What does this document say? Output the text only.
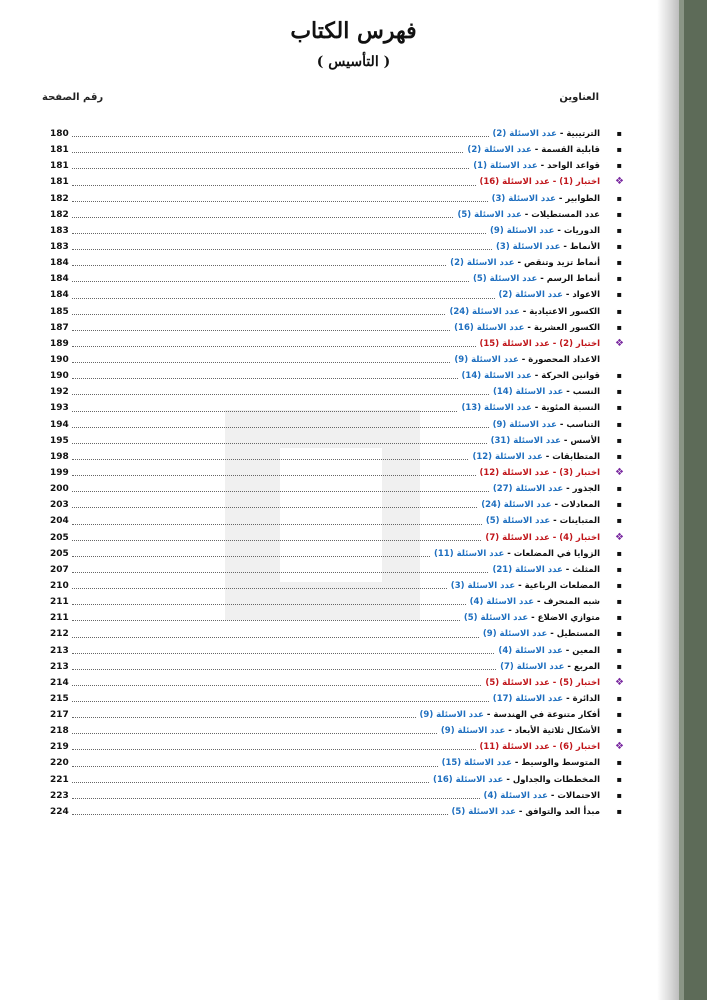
فهرس الكتاب
( التأسيس )
العناوين
رقم الصفحة
▪
الترتيبية - عدد الاسئلة (2)
180
▪
قابلية القسمة - عدد الاسئلة (2)
181
▪
قواعد الواحد - عدد الاسئلة (1)
181
❖
اختبار (1) - عدد الاسئلة (16)
181
▪
الطوابير - عدد الاسئلة (3)
182
▪
عدد المستطيلات - عدد الاسئلة (5)
182
▪
الدوريات - عدد الاسئلة (9)
183
▪
الأنماط - عدد الاسئلة (3)
183
▪
أنماط تزيد وتنقص - عدد الاسئلة (2)
184
▪
أنماط الرسم - عدد الاسئلة (5)
184
▪
الاعواد - عدد الاسئلة (2)
184
▪
الكسور الاعتيادية - عدد الاسئلة (24)
185
▪
الكسور العشرية - عدد الاسئلة (16)
187
❖
اختبار (2) - عدد الاسئلة (15)
189
الاعداد المحصورة - عدد الاسئلة (9)
190
▪
قوانين الحركة - عدد الاسئلة (14)
190
▪
النسب - عدد الاسئلة (14)
192
▪
النسبة المئوية - عدد الاسئلة (13)
193
▪
التناسب - عدد الاسئلة (9)
194
▪
الأسس - عدد الاسئلة (31)
195
▪
المتطابقات - عدد الاسئلة (12)
198
❖
اختبار (3) - عدد الاسئلة (12)
199
▪
الجذور - عدد الاسئلة (27)
200
▪
المعادلات - عدد الاسئلة (24)
203
▪
المتباينات - عدد الاسئلة (5)
204
❖
اختبار (4) - عدد الاسئلة (7)
205
▪
الزوايا في المضلعات - عدد الاسئلة (11)
205
▪
المثلث - عدد الاسئلة (21)
207
▪
المضلعات الرباعية - عدد الاسئلة (3)
210
▪
شبه المنحرف - عدد الاسئلة (4)
211
▪
متوازي الاضلاع - عدد الاسئلة (5)
211
▪
المستطيل - عدد الاسئلة (9)
212
▪
المعين - عدد الاسئلة (4)
213
▪
المربع - عدد الاسئلة (7)
213
❖
اختبار (5) - عدد الاسئلة (5)
214
▪
الدائرة - عدد الاسئلة (17)
215
▪
أفكار متنوعة في الهندسة - عدد الاسئلة (9)
217
▪
الأشكال ثلاثية الأبعاد - عدد الاسئلة (9)
218
❖
اختبار (6) - عدد الاسئلة (11)
219
▪
المتوسط والوسيط - عدد الاسئلة (15)
220
▪
المخططات والجداول - عدد الاسئلة (16)
221
▪
الاحتمالات - عدد الاسئلة (4)
223
▪
مبدأ العد والتوافق - عدد الاسئلة (5)
224
